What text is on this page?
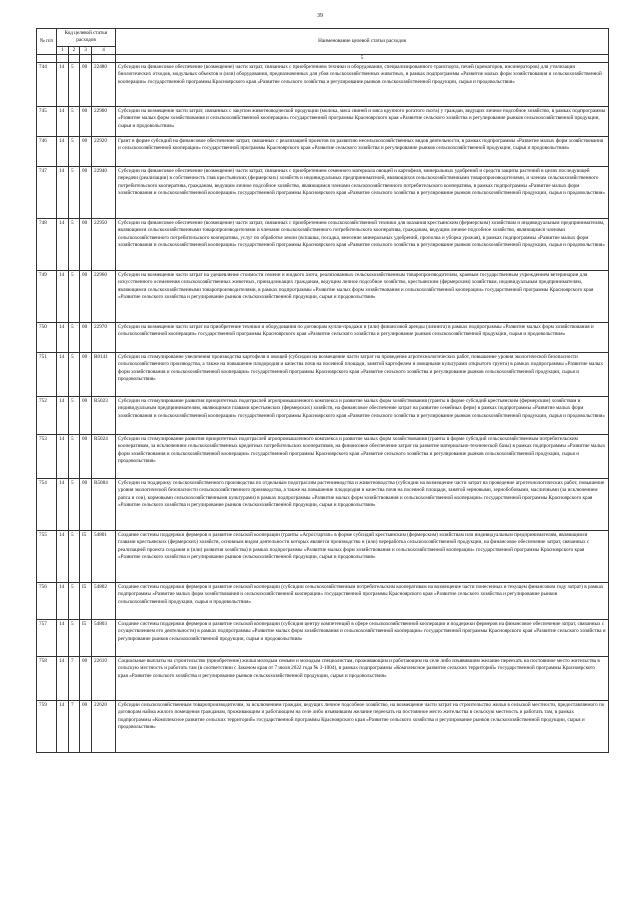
39
№ п/п	Код целевой статьи расходов				Наименование целевой статьи расходов
	1	2	3	4	
					5
744	14	5	00	22480	Субсидии на финансовое обеспечение (возмещение) части затрат, связанных с приобретением техники и оборудования, специализированного транспорта, печей (крематоров, инсинераторов) для утилизации биологических отходов, модульных объектов и (или) оборудования, предназначенных для убоя сельскохозяйственных животных, в рамках подпрограммы «Развитие малых форм хозяйствования и сельскохозяйственной кооперации» государственной программы Красноярского края «Развитие сельского хозяйства и регулирование рынков сельскохозяйственной продукции, сырья и продовольствия»
745	14	5	00	22900	Субсидии на возмещение части затрат, связанных с закупом животноводческой продукции (молока, мяса свиней и мяса крупного рогатого скота) у граждан, ведущих личное подсобное хозяйство, в рамках подпрограммы «Развитие малых форм хозяйствования и сельскохозяйственной кооперации» государственной программы Красноярского края «Развитие сельского хозяйства и регулирование рынков сельскохозяйственной продукции, сырья и продовольствия»
746	14	5	00	22920	Грант в форме субсидий на финансовое обеспечение затрат, связанных с реализацией проектов по развитию несельскохозяйственных видов деятельности, в рамках подпрограммы «Развитие малых форм хозяйствования и сельскохозяйственной кооперации» государственной программы Красноярского края «Развитие сельского хозяйства и регулирование рынков сельскохозяйственной продукции, сырья и продовольствия»
747	14	5	00	22940	Субсидии на финансовое обеспечение (возмещение) части затрат, связанных с приобретением семенного материала овощей и картофеля, минеральных удобрений и средств защиты растений в целях последующей передачи (реализации) в собственность глав крестьянских (фермерских) хозяйств и индивидуальных предпринимателей, являющихся сельскохозяйственными товаропроизводителями, и членам сельскохозяйственного потребительского кооператива, гражданам, ведущим личное подсобное хозяйство, являющимся членами сельскохозяйственного потребительского кооператива, в рамках подпрограммы «Развитие малых форм хозяйствования и сельскохозяйственной кооперации» государственной программы Красноярского края «Развитие сельского хозяйства и регулирование рынков сельскохозяйственной продукции, сырья и продовольствия»
748	14	5	00	22950	Субсидии на финансовое обеспечение (возмещение) части затрат, связанных с приобретением сельскохозяйственной техники для оказания крестьянским (фермерским) хозяйствам и индивидуальным предпринимателям, являющимся сельскохозяйственными товаропроизводителями и членами сельскохозяйственного потребительского кооператива, гражданам, ведущим личное подсобное хозяйство, являющимся членами сельскохозяйственного потребительского кооператива, услуг по обработке земли (вспашка, посадка, внесение минеральных удобрений, прополка и уборка урожая), в рамках подпрограммы «Развитие малых форм хозяйствования и сельскохозяйственной кооперации» государственной программы Красноярского края «Развитие сельского хозяйства и регулирование рынков сельскохозяйственной продукции, сырья и продовольствия»
749	14	5	00	22960	Субсидии на возмещение части затрат на удешевление стоимости семени и жидкого азота, реализованных сельскохозяйственным товаропроизводителям, краевым государственным учреждением ветеринарии для искусственного осеменения сельскохозяйственных животных, принадлежащих гражданам, ведущим личное подсобное хозяйство, крестьянским (фермерским) хозяйствам, индивидуальным предпринимателям, являющимся сельскохозяйственными товаропроизводителями, в рамках подпрограммы «Развитие малых форм хозяйствования и сельскохозяйственной кооперации» государственной программы Красноярского края «Развитие сельского хозяйства и регулирование рынков сельскохозяйственной продукции, сырья и продовольствия»
750	14	5	00	22970	Субсидии на возмещение части затрат на приобретение техники и оборудования по договорам купли-продажи и (или) финансовой аренды (лизинга) в рамках подпрограммы «Развитие малых форм хозяйствования и сельскохозяйственной кооперации» государственной программы Красноярского края «Развитие сельского хозяйства и регулирование рынков сельскохозяйственной продукции, сырья и продовольствия»
751	14	5	00	R0141	Субсидии на стимулирование увеличения производства картофеля и овощей (субсидии на возмещение части затрат на проведение агротехнологических работ, повышение уровня экологической безопасности сельскохозяйственного производства, а также на повышение плодородия и качества почв на посевной площади, занятой картофелем и овощными культурами открытого грунта) в рамках подпрограммы «Развитие малых форм хозяйствования и сельскохозяйственной кооперации» государственной программы Красноярского края «Развитие сельского хозяйства и регулирование рынков сельскохозяйственной продукции, сырья и продовольствия»
752	14	5	00	R5023	Субсидии на стимулирование развития приоритетных подотраслей агропромышленного комплекса и развитие малых форм хозяйствования (гранты в форме субсидий крестьянским (фермерским) хозяйствам и индивидуальным предпринимателям, являющимся главами крестьянских (фермерских) хозяйств, на финансовое обеспечение затрат на развитие семейных ферм) в рамках подпрограммы «Развитие малых форм хозяйствования и сельскохозяйственной кооперации» государственной программы Красноярского края «Развитие сельского хозяйства и регулирование рынков сельскохозяйственной продукции, сырья и продовольствия»
753	14	5	00	R5024	Субсидии на стимулирование развития приоритетных подотраслей агропромышленного комплекса и развитие малых форм хозяйствования (гранты в форме субсидий сельскохозяйственным потребительским кооперативам, за исключением сельскохозяйственных кредитных потребительских кооперативов, на финансовое обеспечение затрат на развитие материально-технической базы) в рамках подпрограммы «Развитие малых форм хозяйствования и сельскохозяйственной кооперации» государственной программы Красноярского края «Развитие сельского хозяйства и регулирование рынков сельскохозяйственной продукции, сырья и продовольствия»
754	14	5	00	R5084	Субсидии на поддержку сельскохозяйственного производства по отдельным подотраслям растениеводства и животноводства (субсидии на возмещение части затрат на проведение агротехнологических работ, повышение уровня экологической безопасности сельскохозяйственного производства, а также на повышение плодородия и качества почв на посевной площади, занятой зерновыми, зернобобовыми, масличными (за исключением рапса и сои), кормовыми сельскохозяйственными культурами) в рамках подпрограммы «Развитие малых форм хозяйствования и сельскохозяйственной кооперации» государственной программы Красноярского края «Развитие сельского хозяйства и регулирование рынков сельскохозяйственной продукции, сырья и продовольствия»
755	14	5	I5	54801	Создание системы поддержки фермеров и развитие сельской кооперации (гранты «Агростартап» в форме субсидий крестьянским (фермерским) хозяйствам или индивидуальным предпринимателям, являющимся главами крестьянских (фермерских) хозяйств, основным видом деятельности которых является производство и (или) переработка сельскохозяйственной продукции, на финансовое обеспечение затрат, связанных с реализацией проекта создания и (или) развития хозяйства) в рамках подпрограммы «Развитие малых форм хозяйствования и сельскохозяйственной кооперации» государственной программы Красноярского края «Развитие сельского хозяйства и регулирование рынков сельскохозяйственной продукции, сырья и продовольствия»
756	14	5	I5	54802	Создание системы поддержки фермеров и развитие сельской кооперации (субсидии сельскохозяйственным потребительским кооперативам на возмещение части понесенных в текущем финансовом году затрат) в рамках подпрограммы «Развитие малых форм хозяйствования и сельскохозяйственной кооперации» государственной программы Красноярского края «Развитие сельского хозяйства и регулирование рынков сельскохозяйственной продукции, сырья и продовольствия»
757	14	5	I5	54803	Создание системы поддержки фермеров и развитие сельской кооперации (субсидия центру компетенций в сфере сельскохозяйственной кооперации и поддержки фермеров на финансовое обеспечение затрат, связанных с осуществлением его деятельности) в рамках подпрограммы «Развитие малых форм хозяйствования и сельскохозяйственной кооперации» государственной программы Красноярского края «Развитие сельского хозяйства и регулирование рынков сельскохозяйственной продукции, сырья и продовольствия»
758	14	7	00	22610	Социальные выплаты на строительство (приобретение) жилья молодым семьям и молодым специалистам, проживающим и работающим на селе либо изъявившим желание переехать на постоянное место жительства в сельскую местность и работать там (в соответствии с Законом края от 7 июля 2022 года № 3-1004), в рамках подпрограммы «Комплексное развитие сельских территорий» государственной программы Красноярского края «Развитие сельского хозяйства и регулирование рынков сельскохозяйственной продукции, сырья и продовольствия»
759	14	7	00	22620	Субсидии сельскохозяйственным товаропроизводителям, за исключением граждан, ведущих личное подсобное хозяйство, на возмещение части затрат на строительство жилья в сельской местности, предоставляемого по договорам найма жилого помещения гражданам, проживающим и работающим на селе либо изъявившим желание переехать на постоянное место жительства в сельскую местность и работать там, в рамках подпрограммы «Комплексное развитие сельских территорий» государственной программы Красноярского края «Развитие сельского хозяйства и регулирование рынков сельскохозяйственной продукции, сырья и продовольствия»
